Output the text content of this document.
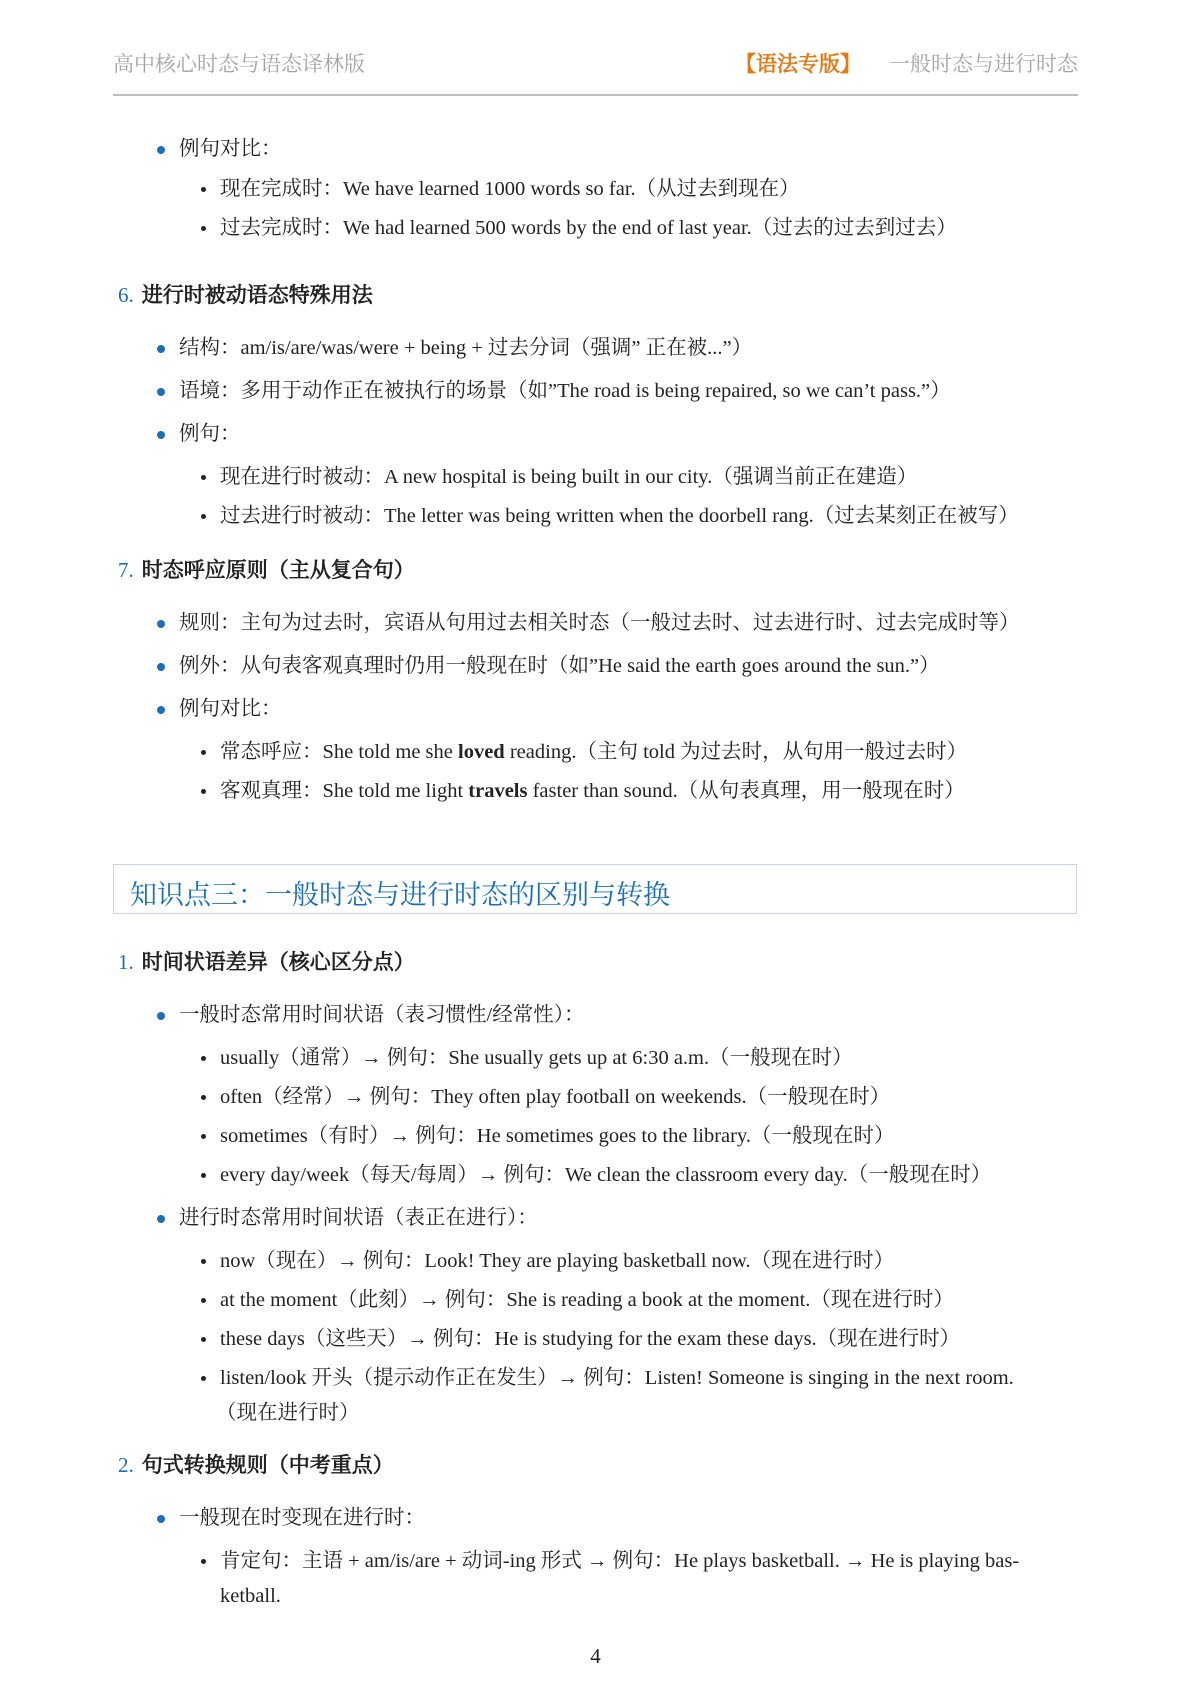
高中核心时态与语态译林版	【语法专版】 一般时态与进行时态
例句对比：
现在完成时：We have learned 1000 words so far.（从过去到现在）
过去完成时：We had learned 500 words by the end of last year.（过去的过去到过去）
6. 进行时被动语态特殊用法
结构：am/is/are/was/were + being + 过去分词（强调” 正在被...”）
语境：多用于动作正在被执行的场景（如”The road is being repaired, so we can’t pass.”）
例句：
现在进行时被动：A new hospital is being built in our city.（强调当前正在建造）
过去进行时被动：The letter was being written when the doorbell rang.（过去某刻正在被写）
7. 时态呼应原则（主从复合句）
规则：主句为过去时，宾语从句用过去相关时态（一般过去时、过去进行时、过去完成时等）
例外：从句表客观真理时仍用一般现在时（如”He said the earth goes around the sun.”）
例句对比：
常态呼应：She told me she loved reading.（主句 told 为过去时，从句用一般过去时）
客观真理：She told me light travels faster than sound.（从句表真理，用一般现在时）
知识点三：一般时态与进行时态的区别与转换
1. 时间状语差异（核心区分点）
一般时态常用时间状语（表习惯性/经常性）：
usually（通常）→ 例句：She usually gets up at 6:30 a.m.（一般现在时）
often（经常）→ 例句：They often play football on weekends.（一般现在时）
sometimes（有时）→ 例句：He sometimes goes to the library.（一般现在时）
every day/week（每天/每周）→ 例句：We clean the classroom every day.（一般现在时）
进行时态常用时间状语（表正在进行）：
now（现在）→ 例句：Look! They are playing basketball now.（现在进行时）
at the moment（此刻）→ 例句：She is reading a book at the moment.（现在进行时）
these days（这些天）→ 例句：He is studying for the exam these days.（现在进行时）
listen/look 开头（提示动作正在发生）→ 例句：Listen! Someone is singing in the next room.
（现在进行时）
2. 句式转换规则（中考重点）
一般现在时变现在进行时：
肯定句：主语 + am/is/are + 动词-ing 形式 → 例句：He plays basketball. → He is playing bas-
ketball.
4
